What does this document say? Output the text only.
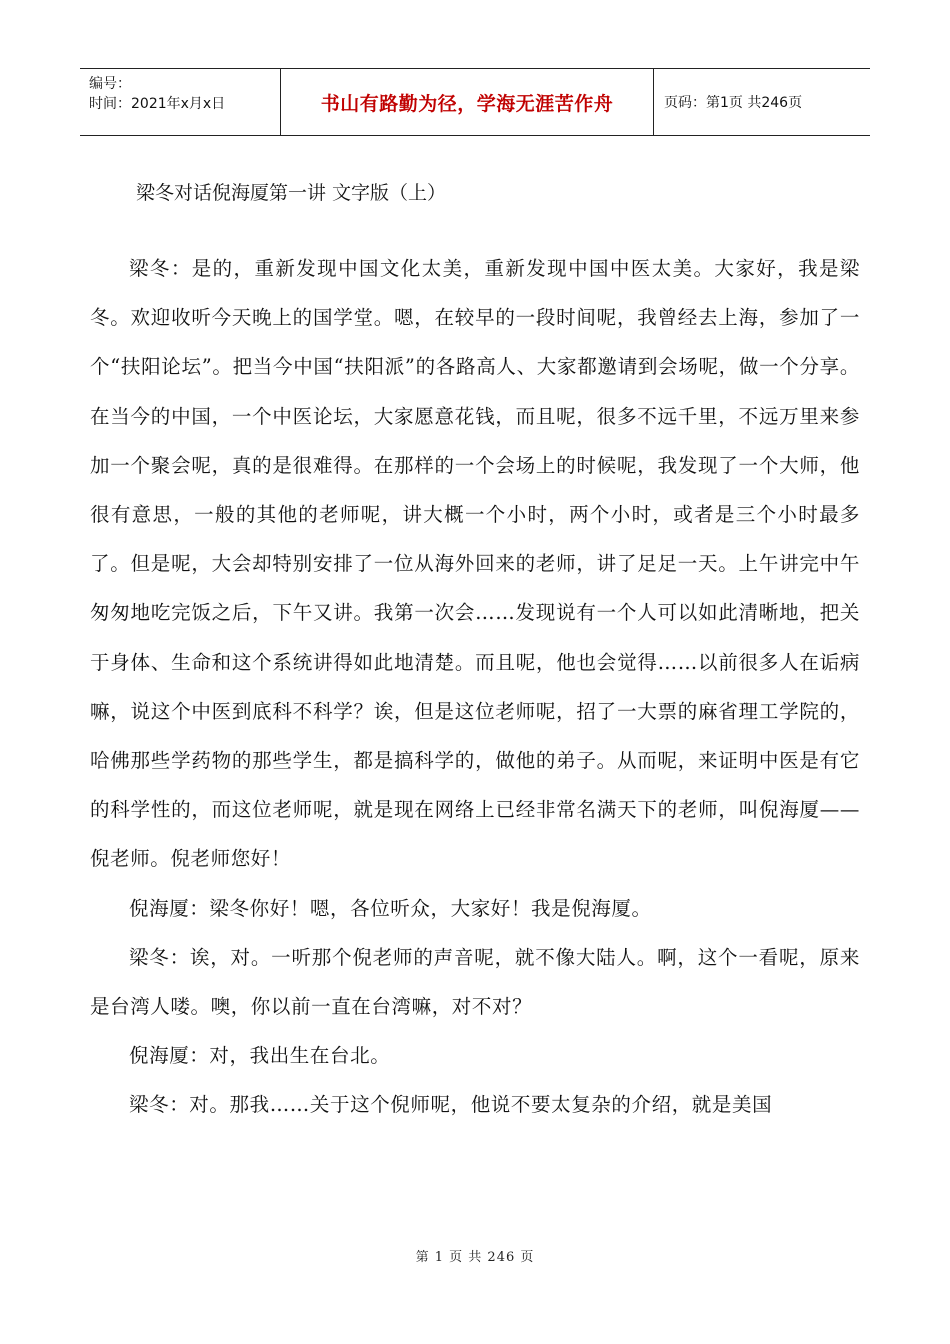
编号：
时间：2021年x月x日	书山有路勤为径，学海无涯苦作舟	页码：第1页 共246页
梁冬对话倪海厦第一讲 文字版（上）

梁冬：是的，重新发现中国文化太美，重新发现中国中医太美。大家好，我是梁冬。欢迎收听今天晚上的国学堂。嗯，在较早的一段时间呢，我曾经去上海，参加了一个“扶阳论坛”。把当今中国“扶阳派”的各路高人、大家都邀请到会场呢，做一个分享。在当今的中国，一个中医论坛，大家愿意花钱，而且呢，很多不远千里，不远万里来参加一个聚会呢，真的是很难得。在那样的一个会场上的时候呢，我发现了一个大师，他很有意思，一般的其他的老师呢，讲大概一个小时，两个小时，或者是三个小时最多了。但是呢，大会却特别安排了一位从海外回来的老师，讲了足足一天。上午讲完中午匆匆地吃完饭之后，下午又讲。我第一次会……发现说有一个人可以如此清晰地，把关于身体、生命和这个系统讲得如此地清楚。而且呢，他也会觉得……以前很多人在诟病嘛，说这个中医到底科不科学？诶，但是这位老师呢，招了一大票的麻省理工学院的，哈佛那些学药物的那些学生，都是搞科学的，做他的弟子。从而呢，来证明中医是有它的科学性的，而这位老师呢，就是现在网络上已经非常名满天下的老师，叫倪海厦——倪老师。倪老师您好！

倪海厦：梁冬你好！嗯，各位听众，大家好！我是倪海厦。

梁冬：诶，对。一听那个倪老师的声音呢，就不像大陆人。啊，这个一看呢，原来是台湾人喽。噢，你以前一直在台湾嘛，对不对？

倪海厦：对，我出生在台北。

梁冬：对。那我……关于这个倪师呢，他说不要太复杂的介绍，就是美国

第 1 页 共 246 页
